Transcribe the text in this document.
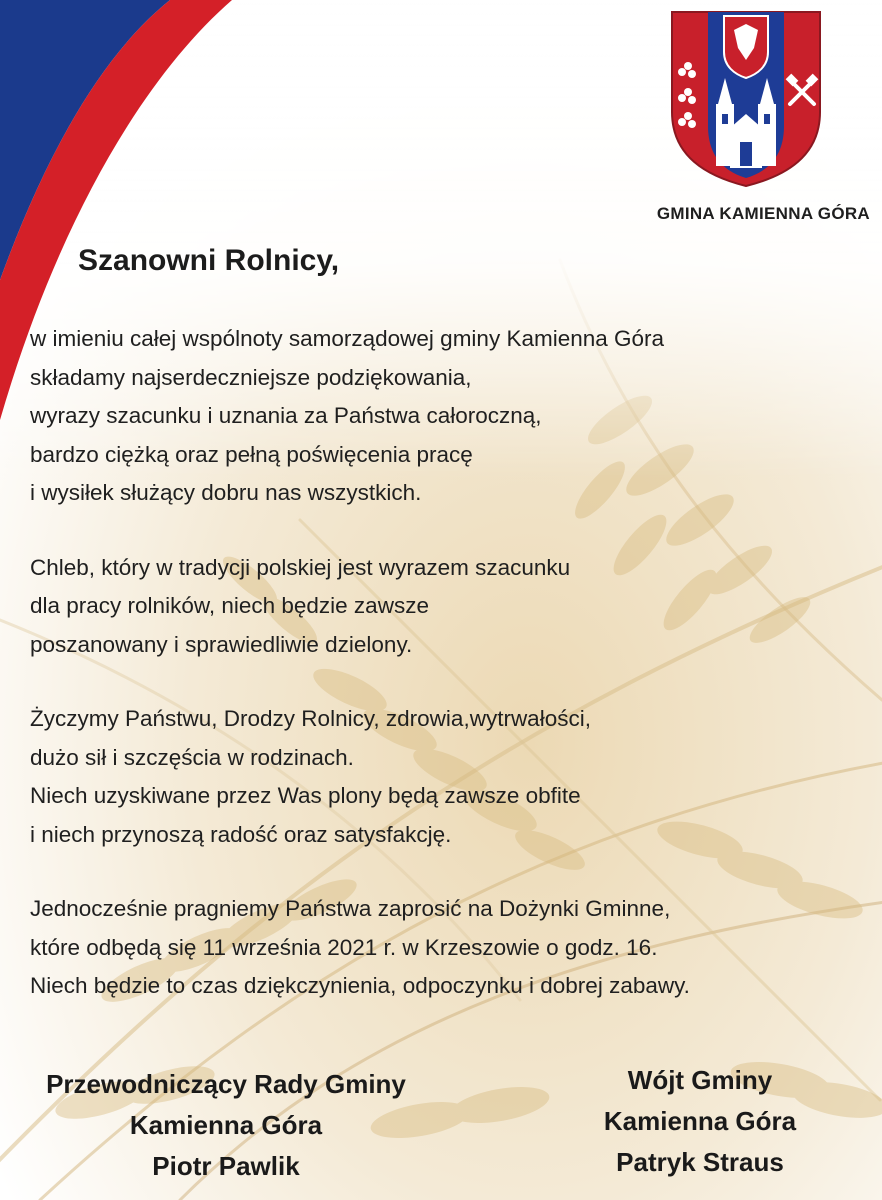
GMINA KAMIENNA GÓRA
Szanowni Rolnicy,

w imieniu całej wspólnoty samorządowej gminy Kamienna Góra
składamy najserdeczniejsze podziękowania,
wyrazy szacunku i uznania za Państwa całoroczną,
bardzo ciężką oraz pełną poświęcenia pracę
i wysiłek służący dobru nas wszystkich.

Chleb, który w tradycji polskiej jest wyrazem szacunku
dla pracy rolników, niech będzie zawsze
poszanowany i sprawiedliwie dzielony.

Życzymy Państwu, Drodzy Rolnicy, zdrowia,wytrwałości,
dużo sił i szczęścia w rodzinach.
Niech uzyskiwane przez Was plony będą zawsze obfite
i niech przynoszą radość oraz satysfakcję.

Jednocześnie pragniemy Państwa zaprosić na Dożynki Gminne,
które odbędą się 11 września 2021 r. w Krzeszowie o godz. 16.
Niech będzie to czas dziękczynienia, odpoczynku i dobrej zabawy.

Przewodniczący Rady Gminy
Kamienna Góra
Piotr Pawlik
Wójt Gminy
Kamienna Góra
Patryk Straus
